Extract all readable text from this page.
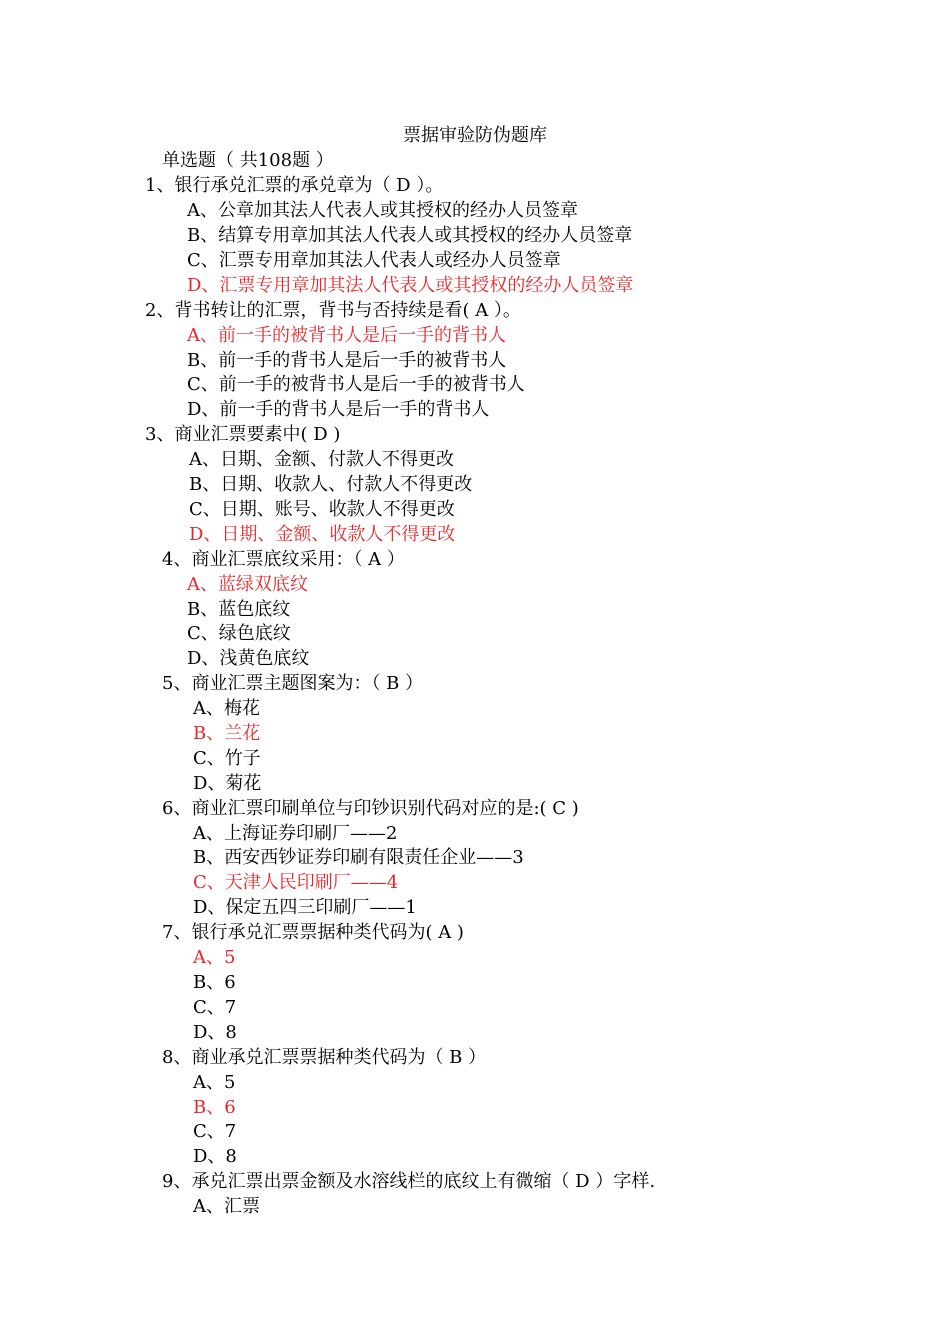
票据审验防伪题库
单选题（ 共108题 ）
1、银行承兑汇票的承兑章为（ D ）。
A、公章加其法人代表人或其授权的经办人员签章
B、结算专用章加其法人代表人或其授权的经办人员签章
C、汇票专用章加其法人代表人或经办人员签章
D、汇票专用章加其法人代表人或其授权的经办人员签章
2、背书转让的汇票，背书与否持续是看( A ）。
A、前一手的被背书人是后一手的背书人
B、前一手的背书人是后一手的被背书人
C、前一手的被背书人是后一手的被背书人
D、前一手的背书人是后一手的背书人
3、商业汇票要素中( D )
A、日期、金额、付款人不得更改
B、日期、收款人、付款人不得更改
C、日期、账号、收款人不得更改
D、日期、金额、收款人不得更改
4、商业汇票底纹采用：（ A ）
A、蓝绿双底纹
B、蓝色底纹
C、绿色底纹
D、浅黄色底纹
5、商业汇票主题图案为：（ B ）
A、梅花
B、兰花
C、竹子
D、菊花
6、商业汇票印刷单位与印钞识别代码对应的是:( C )
A、上海证券印刷厂——2
B、西安西钞证券印刷有限责任企业——3
C、天津人民印刷厂——4
D、保定五四三印刷厂——1
7、银行承兑汇票票据种类代码为( A )
A、5
B、6
C、7
D、8
8、商业承兑汇票票据种类代码为（ B ）
A、5
B、6
C、7
D、8
9、承兑汇票出票金额及水溶线栏的底纹上有微缩（ D ）字样.
A、汇票
